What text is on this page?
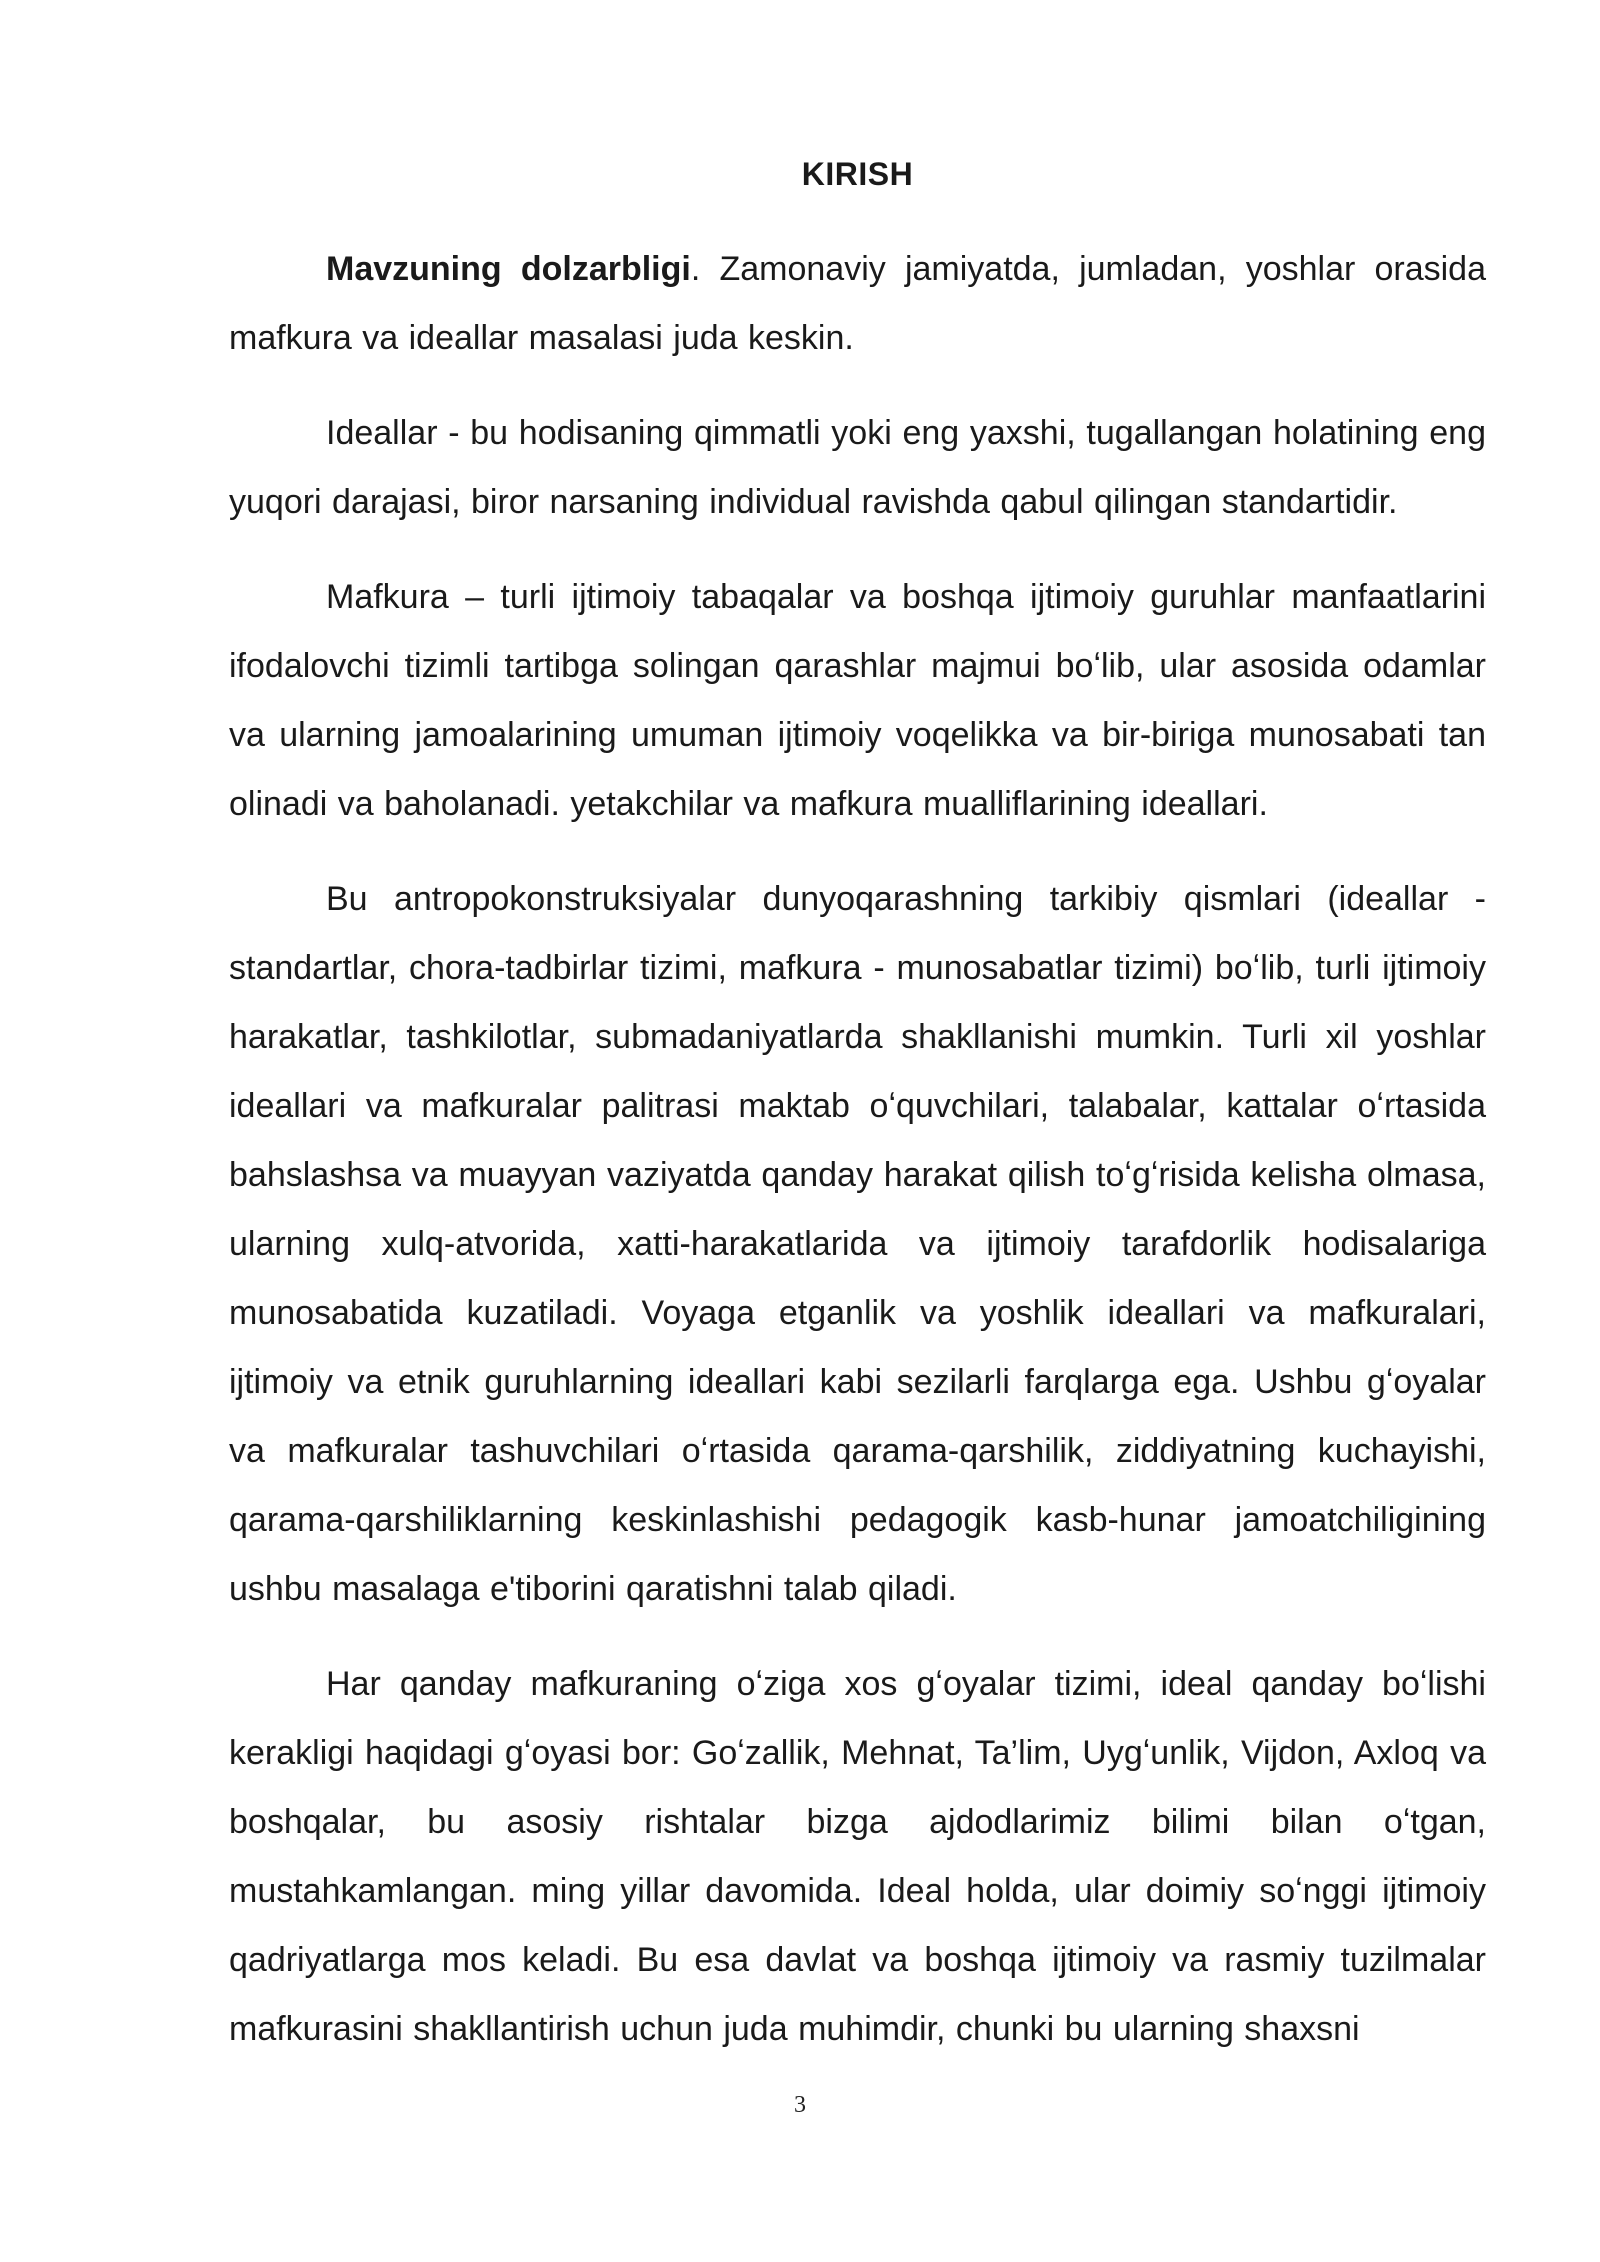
KIRISH

Mavzuning dolzarbligi. Zamonaviy jamiyatda, jumladan, yoshlar orasida mafkura va ideallar masalasi juda keskin.

Ideallar - bu hodisaning qimmatli yoki eng yaxshi, tugallangan holatining eng yuqori darajasi, biror narsaning individual ravishda qabul qilingan standartidir.

Mafkura – turli ijtimoiy tabaqalar va boshqa ijtimoiy guruhlar manfaatlarini ifodalovchi tizimli tartibga solingan qarashlar majmui boʻlib, ular asosida odamlar va ularning jamoalarining umuman ijtimoiy voqelikka va bir-biriga munosabati tan olinadi va baholanadi. yetakchilar va mafkura mualliflarining ideallari.

Bu antropokonstruksiyalar dunyoqarashning tarkibiy qismlari (ideallar - standartlar, chora-tadbirlar tizimi, mafkura - munosabatlar tizimi) boʻlib, turli ijtimoiy harakatlar, tashkilotlar, submadaniyatlarda shakllanishi mumkin. Turli xil yoshlar ideallari va mafkuralar palitrasi maktab oʻquvchilari, talabalar, kattalar oʻrtasida bahslashsa va muayyan vaziyatda qanday harakat qilish toʻgʻrisida kelisha olmasa, ularning xulq-atvorida, xatti-harakatlarida va ijtimoiy tarafdorlik hodisalariga munosabatida kuzatiladi. Voyaga etganlik va yoshlik ideallari va mafkuralari, ijtimoiy va etnik guruhlarning ideallari kabi sezilarli farqlarga ega. Ushbu gʻoyalar va mafkuralar tashuvchilari oʻrtasida qarama-qarshilik, ziddiyatning kuchayishi, qarama-qarshiliklarning keskinlashishi pedagogik kasb-hunar jamoatchiligining ushbu masalaga e'tiborini qaratishni talab qiladi.

Har qanday mafkuraning oʻziga xos gʻoyalar tizimi, ideal qanday boʻlishi kerakligi haqidagi gʻoyasi bor: Goʻzallik, Mehnat, Ta’lim, Uygʻunlik, Vijdon, Axloq va boshqalar, bu asosiy rishtalar bizga ajdodlarimiz bilimi bilan oʻtgan, mustahkamlangan. ming yillar davomida. Ideal holda, ular doimiy soʻnggi ijtimoiy qadriyatlarga mos keladi. Bu esa davlat va boshqa ijtimoiy va rasmiy tuzilmalar mafkurasini shakllantirish uchun juda muhimdir, chunki bu ularning shaxsni

3
